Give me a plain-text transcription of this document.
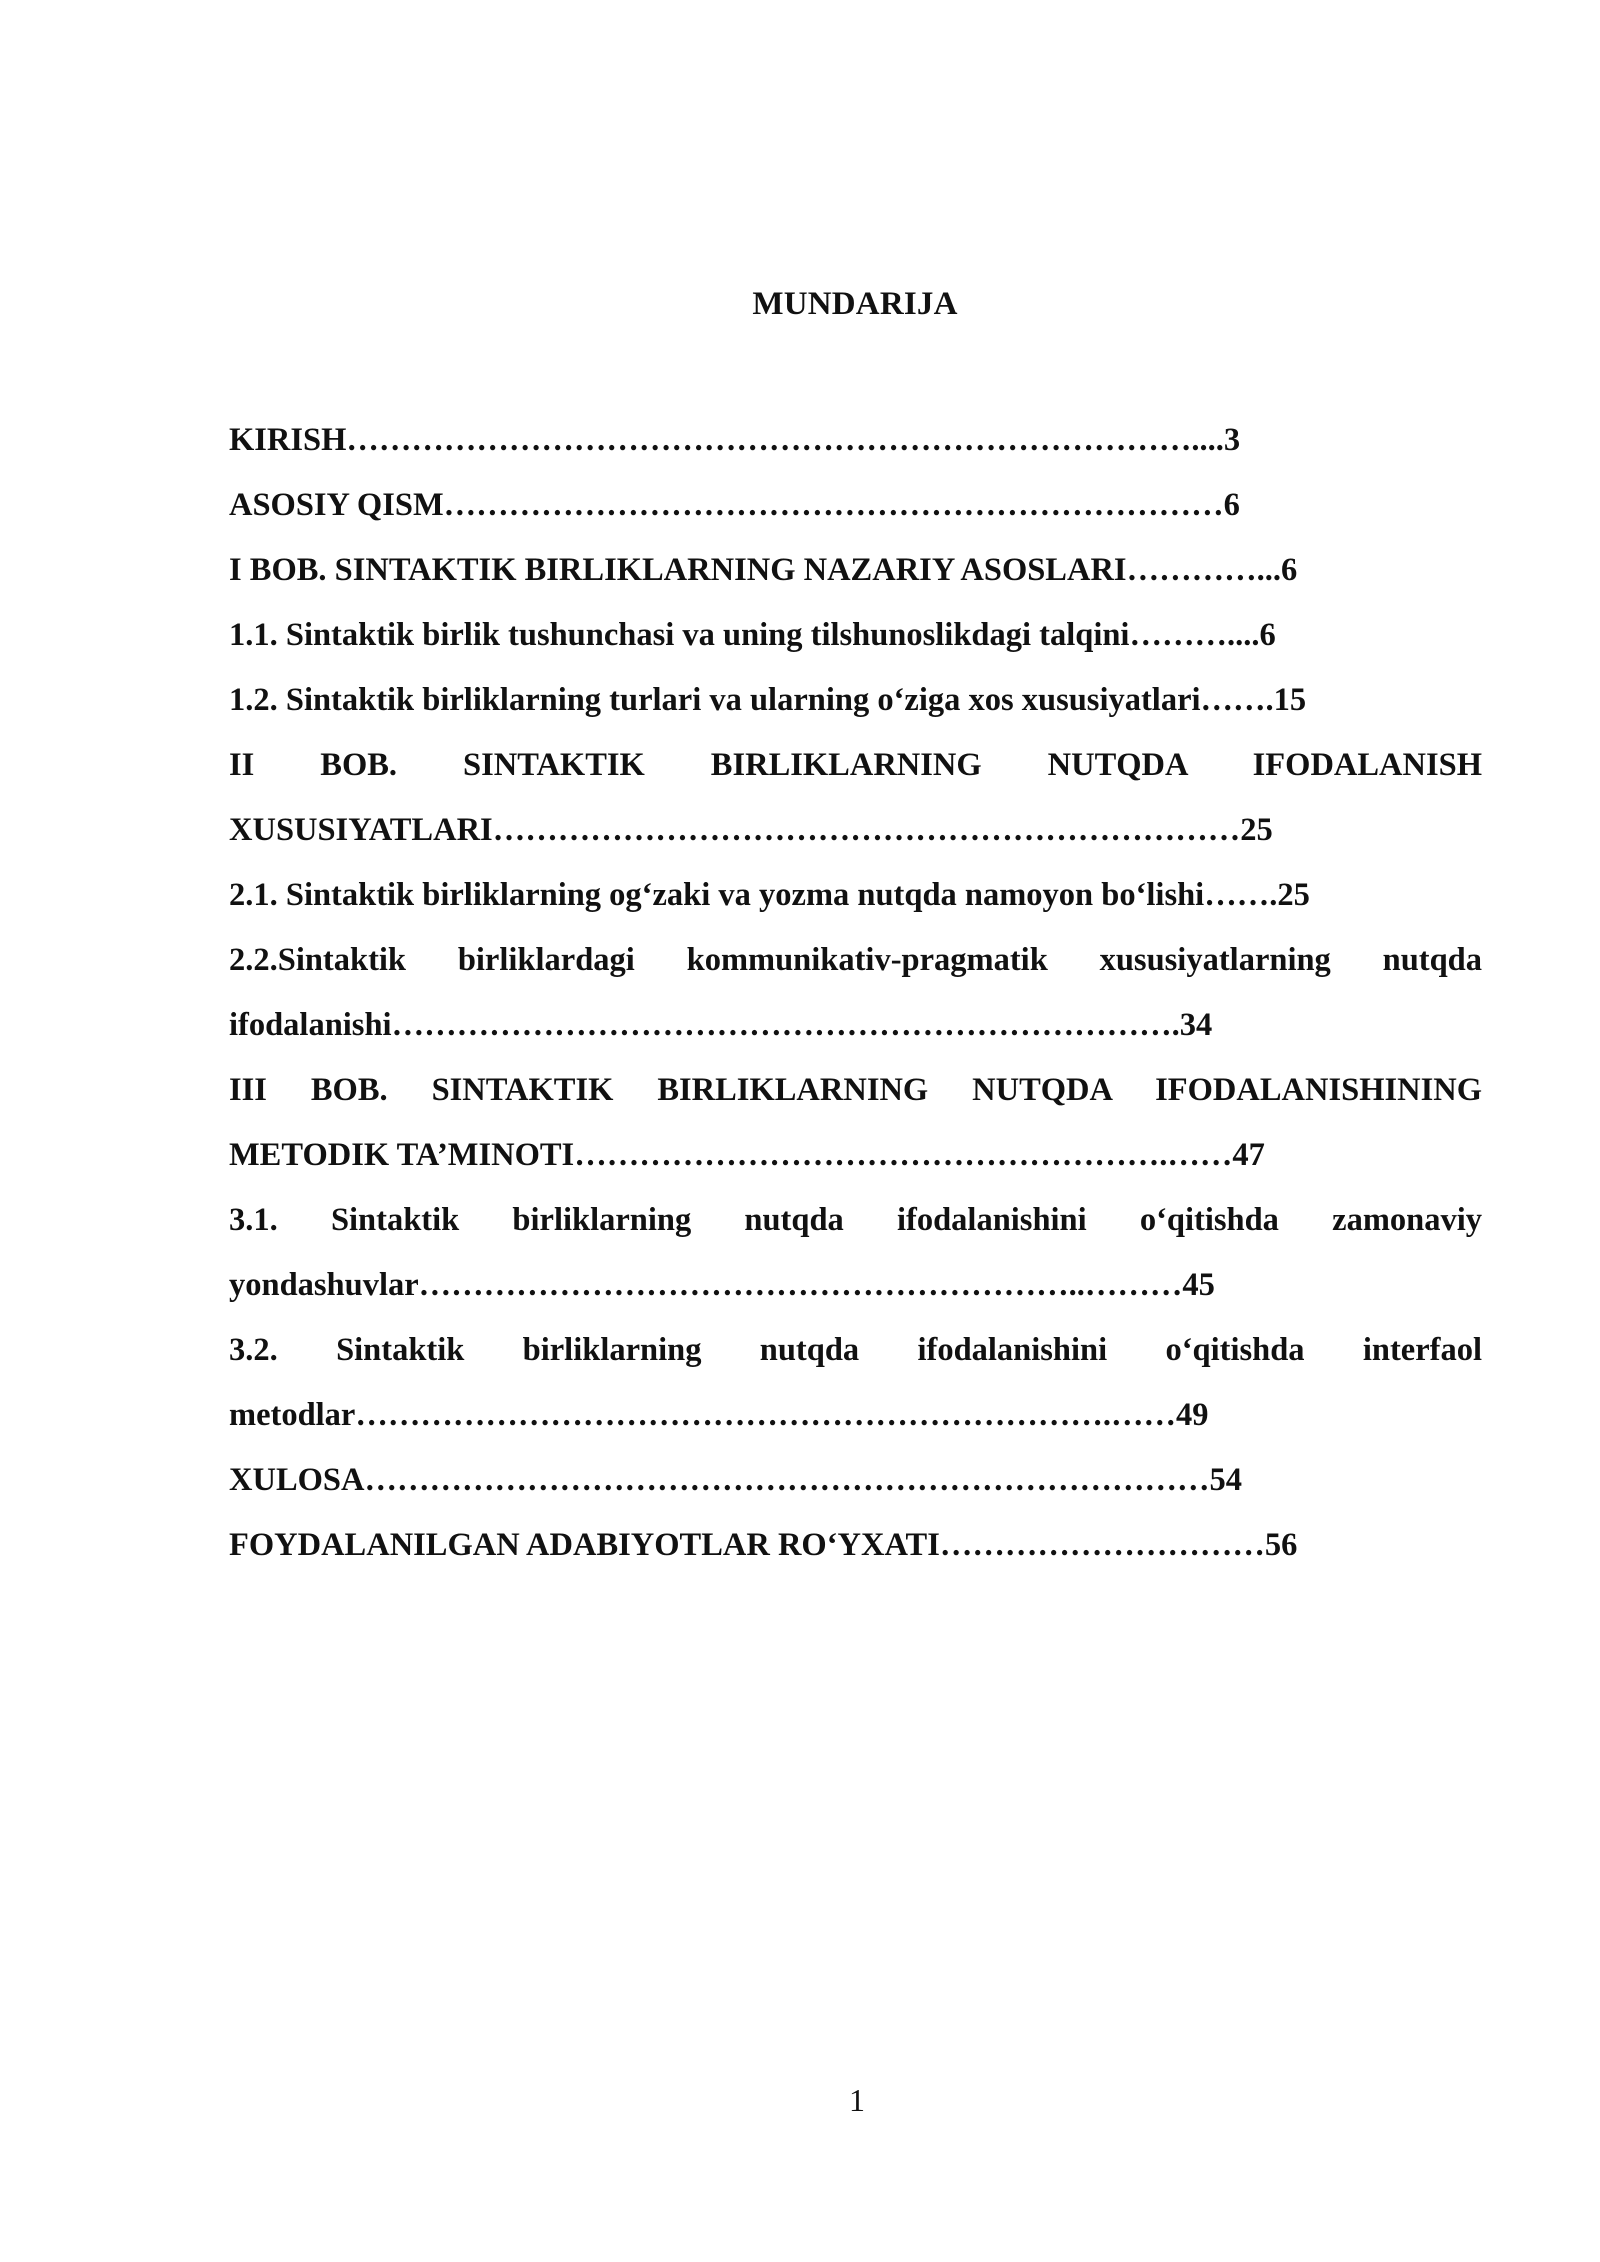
MUNDARIJA
KIRISH……………………………………………………………………....3
ASOSIY QISM………………………………………………………………6
I BOB. SINTAKTIK BIRLIKLARNING NAZARIY ASOSLARI…………...6
1.1. Sintaktik birlik tushunchasi va uning tilshunoslikdagi talqini………....6
1.2. Sintaktik birliklarning turlari va ularning o‘ziga xos xususiyatlari…….15
II BOB. SINTAKTIK BIRLIKLARNING NUTQDA IFODALANISH
XUSUSIYATLARI……………………………………………………………25
2.1. Sintaktik birliklarning og‘zaki va yozma nutqda namoyon bo‘lishi…….25
2.2.Sintaktik birliklardagi kommunikativ-pragmatik xususiyatlarning nutqda
ifodalanishi……………………………………………………………….34
III BOB. SINTAKTIK BIRLIKLARNING NUTQDA IFODALANISHINING
METODIK TA’MINOTI……………………………………………….……47
3.1. Sintaktik birliklarning nutqda ifodalanishini o‘qitishda zamonaviy
yondashuvlar……………………………………………………..………45
3.2. Sintaktik birliklarning nutqda ifodalanishini o‘qitishda interfaol
metodlar…………………………………………………………….……49
XULOSA……………………………………………………………………54
FOYDALANILGAN ADABIYOTLAR RO‘YXATI…………………………56

1
